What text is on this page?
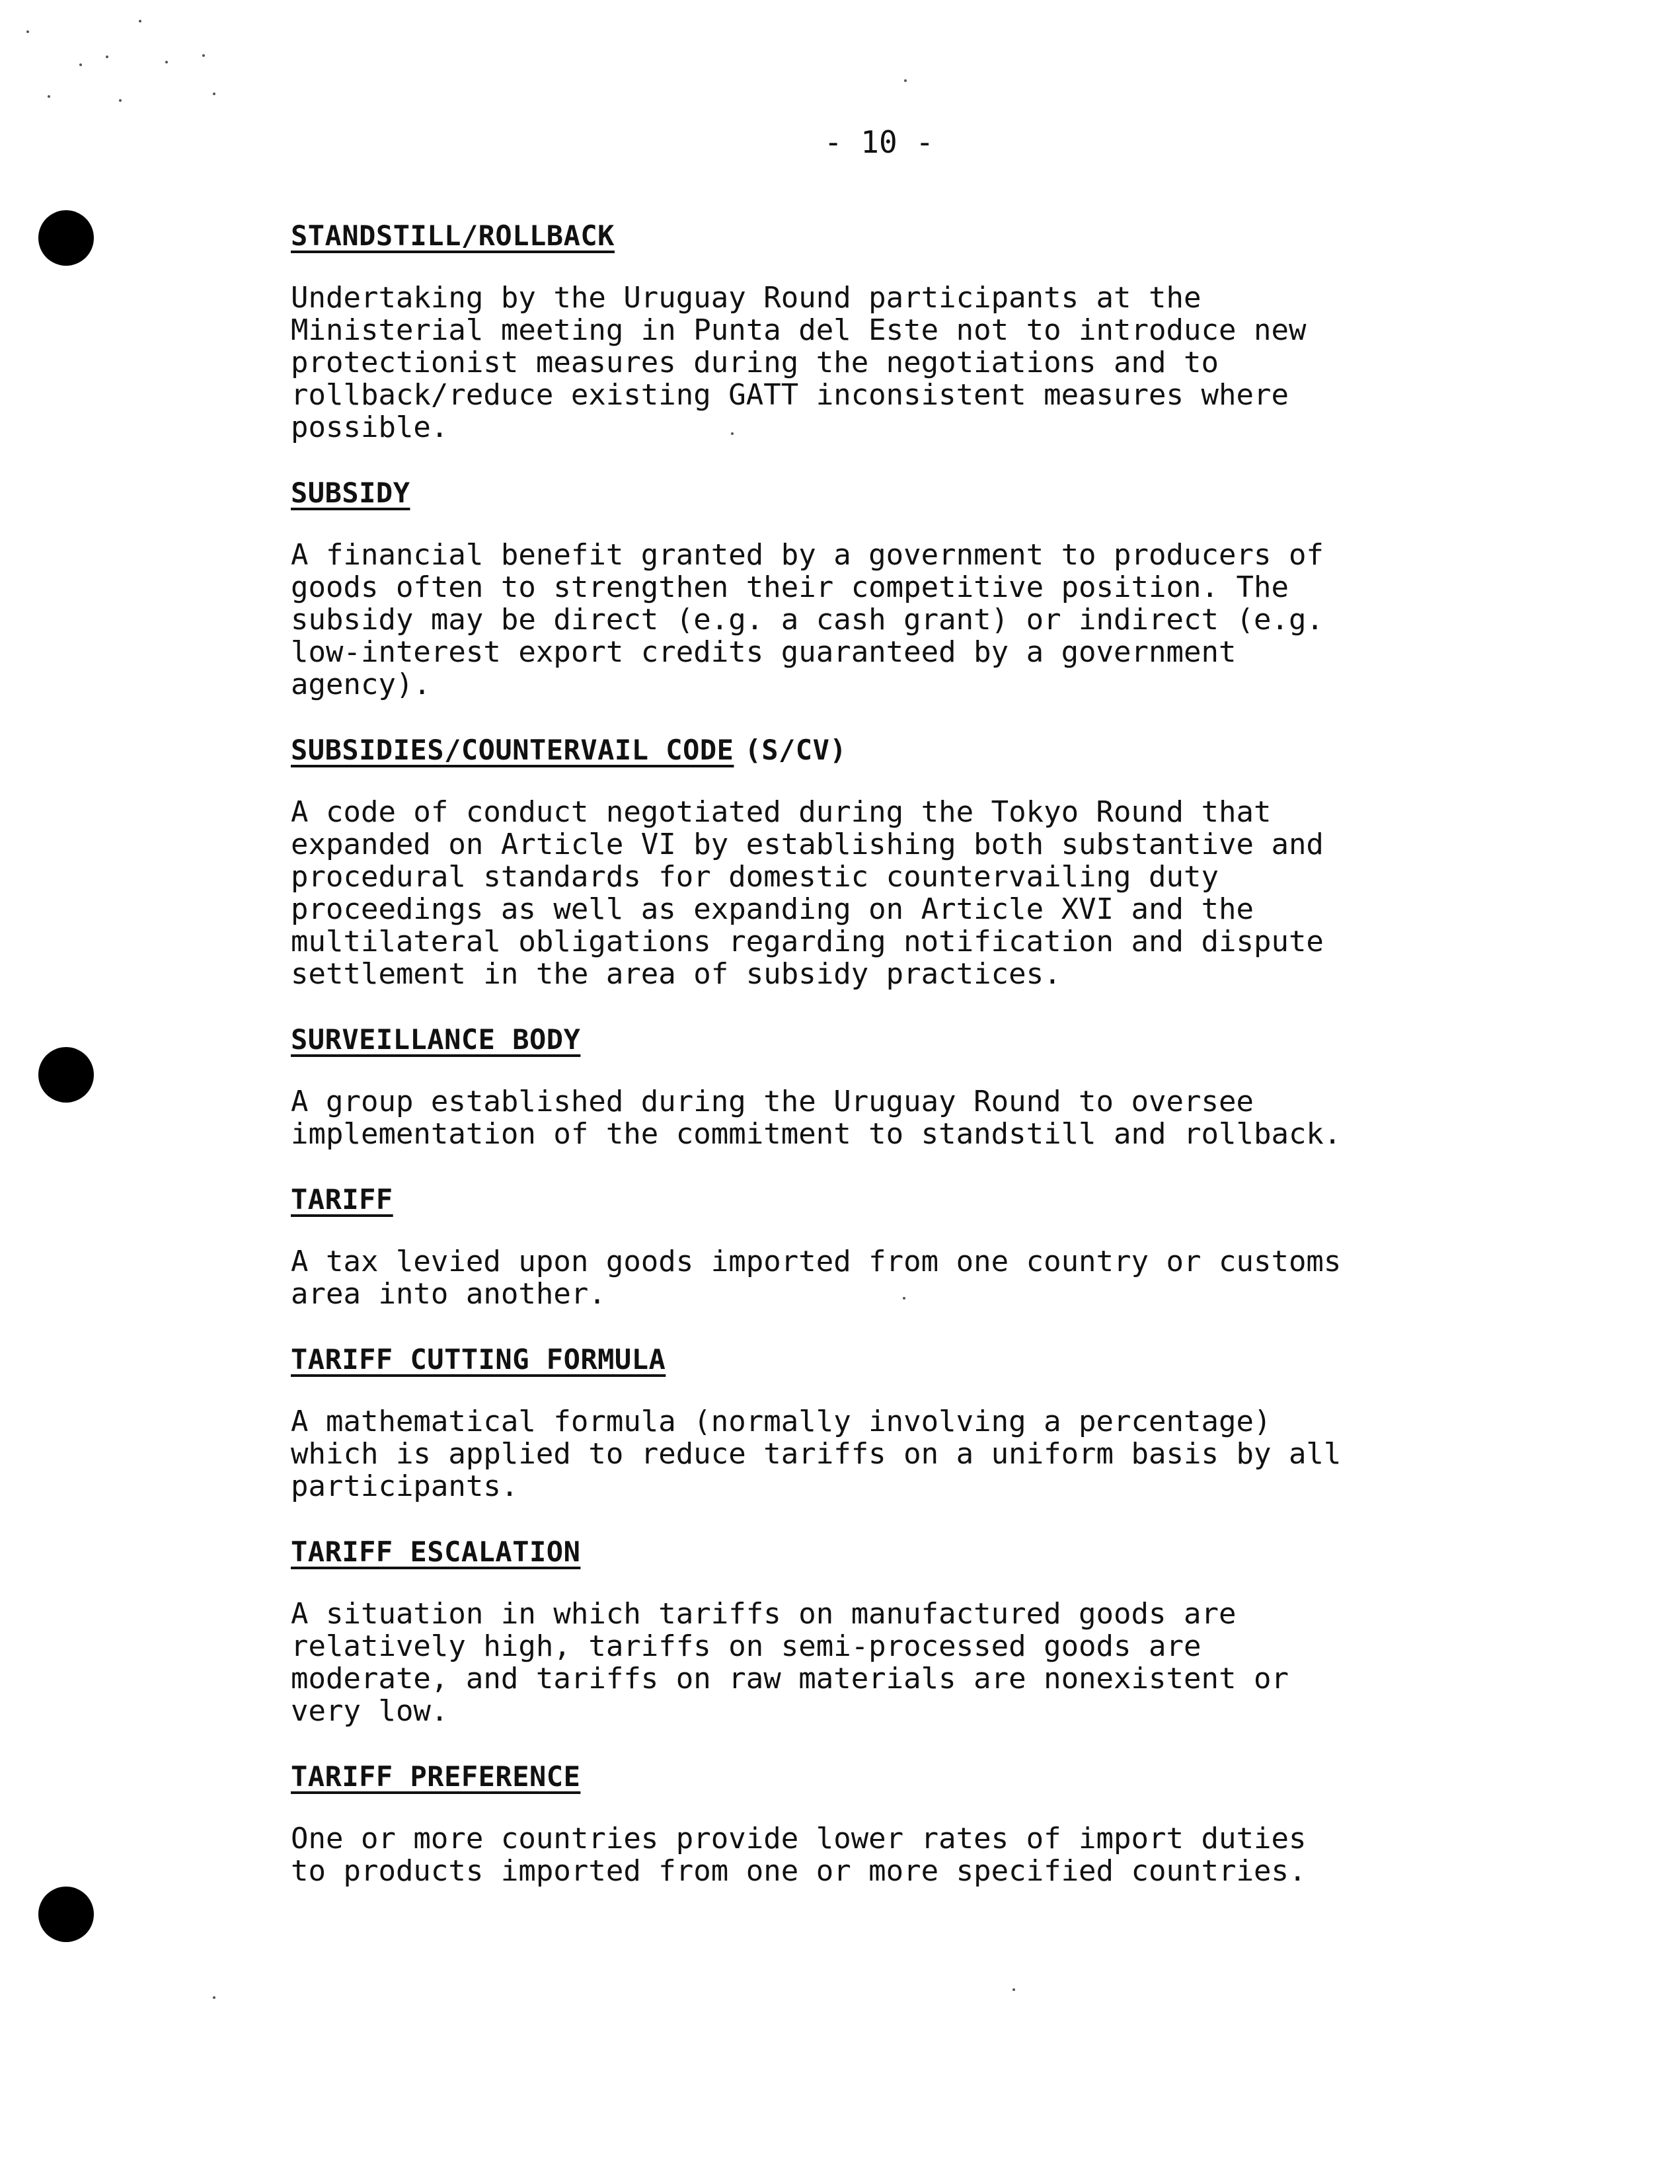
- 10 -

STANDSTILL/ROLLBACK

Undertaking by the Uruguay Round participants at the
Ministerial meeting in Punta del Este not to introduce new
protectionist measures during the negotiations and to
rollback/reduce existing GATT inconsistent measures where
possible.

SUBSIDY

A financial benefit granted by a government to producers of
goods often to strengthen their competitive position. The
subsidy may be direct (e.g. a cash grant) or indirect (e.g.
low-interest export credits guaranteed by a government
agency).

SUBSIDIES/COUNTERVAIL CODE (S/CV)

A code of conduct negotiated during the Tokyo Round that
expanded on Article VI by establishing both substantive and
procedural standards for domestic countervailing duty
proceedings as well as expanding on Article XVI and the
multilateral obligations regarding notification and dispute
settlement in the area of subsidy practices.

SURVEILLANCE BODY

A group established during the Uruguay Round to oversee
implementation of the commitment to standstill and rollback.

TARIFF

A tax levied upon goods imported from one country or customs
area into another.

TARIFF CUTTING FORMULA

A mathematical formula (normally involving a percentage)
which is applied to reduce tariffs on a uniform basis by all
participants.

TARIFF ESCALATION

A situation in which tariffs on manufactured goods are
relatively high, tariffs on semi-processed goods are
moderate, and tariffs on raw materials are nonexistent or
very low.

TARIFF PREFERENCE

One or more countries provide lower rates of import duties
to products imported from one or more specified countries.
